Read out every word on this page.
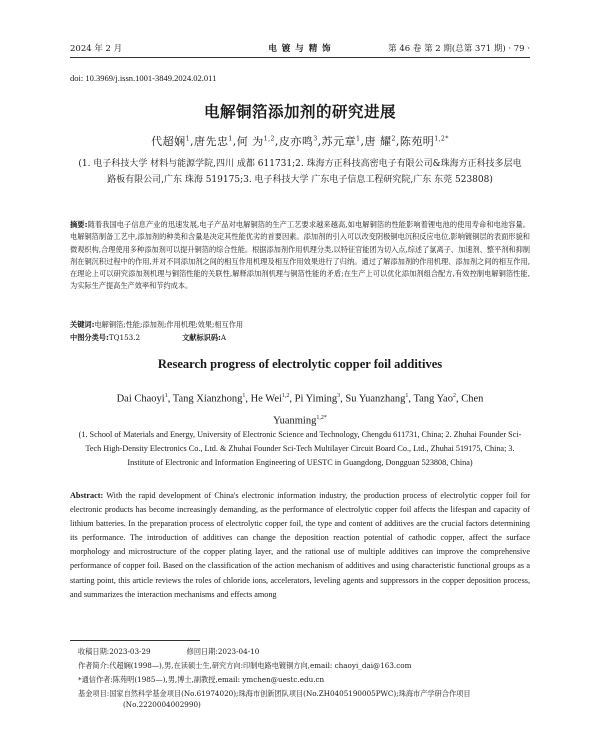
2024 年 2 月	电 镀 与 精 饰	第 46 卷 第 2 期(总第 371 期) · 79 ·
doi: 10.3969/j.issn.1001-3849.2024.02.011
电解铜箔添加剂的研究进展
代超娴$^1$,唐先忠$^1$,何 为$^{1,2}$,皮亦鸣$^3$,苏元章$^1$,唐 耀$^2$,陈苑明$^{1,2*}$
(1. 电子科技大学 材料与能源学院,四川 成都 611731;2. 珠海方正科技高密电子有限公司&珠海方正科技多层电路板有限公司,广东 珠海 519175;3. 电子科技大学 广东电子信息工程研究院,广东 东莞 523808)
摘要:随着我国电子信息产业的迅速发展,电子产品对电解铜箔的生产工艺要求越来越高,如电解铜箔的性能影响着锂电池的使用寿命和电池容量。电解铜箔制备工艺中,添加剂的种类和含量是决定其性能优劣的首要因素。添加剂的引入可以改变阴极铜电沉积反应电位,影响镀铜层的表面形貌和微观织构,合理使用多种添加剂可以提升铜箔的综合性能。根据添加剂作用机理分类,以特征官能团为切入点,综述了氯离子、加速剂、整平剂和抑制剂在铜沉积过程中的作用,并对不同添加剂之间的相互作用机理及相互作用效果进行了归纳。通过了解添加剂的作用机理、添加剂之间的相互作用,在理论上可以研究添加剂机理与铜箔性能的关联性,解释添加剂机理与铜箔性能的矛盾;在生产上可以优化添加剂组合配方,有效控制电解铜箔性能,为实际生产提高生产效率和节约成本。
关键词:电解铜箔;性能;添加剂;作用机理;效果;相互作用
中图分类号:TQ153.2	文献标识码:A
Research progress of electrolytic copper foil additives
Dai Chaoyi$^1$, Tang Xianzhong$^1$, He Wei$^{1,2}$, Pi Yiming$^3$, Su Yuanzhang$^1$, Tang Yao$^2$, Chen Yuanming$^{1,2*}$
(1. School of Materials and Energy, University of Electronic Science and Technology, Chengdu 611731, China; 2. Zhuhai Founder Sci-Tech High-Density Electronics Co., Ltd. & Zhuhai Founder Sci-Tech Multilayer Circuit Board Co., Ltd., Zhuhai 519175, China; 3. Institute of Electronic and Information Engineering of UESTC in Guangdong, Dongguan 523808, China)
Abstract: With the rapid development of China's electronic information industry, the production process of electrolytic copper foil for electronic products has become increasingly demanding, as the performance of electrolytic copper foil affects the lifespan and capacity of lithium batteries. In the preparation process of electrolytic copper foil, the type and content of additives are the crucial factors determining its performance. The introduction of additives can change the deposition reaction potential of cathodic copper, affect the surface morphology and microstructure of the copper plating layer, and the rational use of multiple additives can improve the comprehensive performance of copper foil. Based on the classification of the action mechanism of additives and using characteristic functional groups as a starting point, this article reviews the roles of chloride ions, accelerators, leveling agents and suppressors in the copper deposition process, and summarizes the interaction mechanisms and effects among
收稿日期:2023-03-29	修回日期:2023-04-10
作者简介:代超娴(1998—),男,在读硕士生,研究方向:印制电路电镀铜方向,email: chaoyi_dai@163.com
*通信作者:陈苑明(1985—),男,博士,副教授,email: ymchen@uestc.edu.cn
基金项目:国家自然科学基金项目(No.61974020);珠海市创新团队项目(No.ZH0405190005PWC);珠海市产学研合作项目(No.2220004002990)
